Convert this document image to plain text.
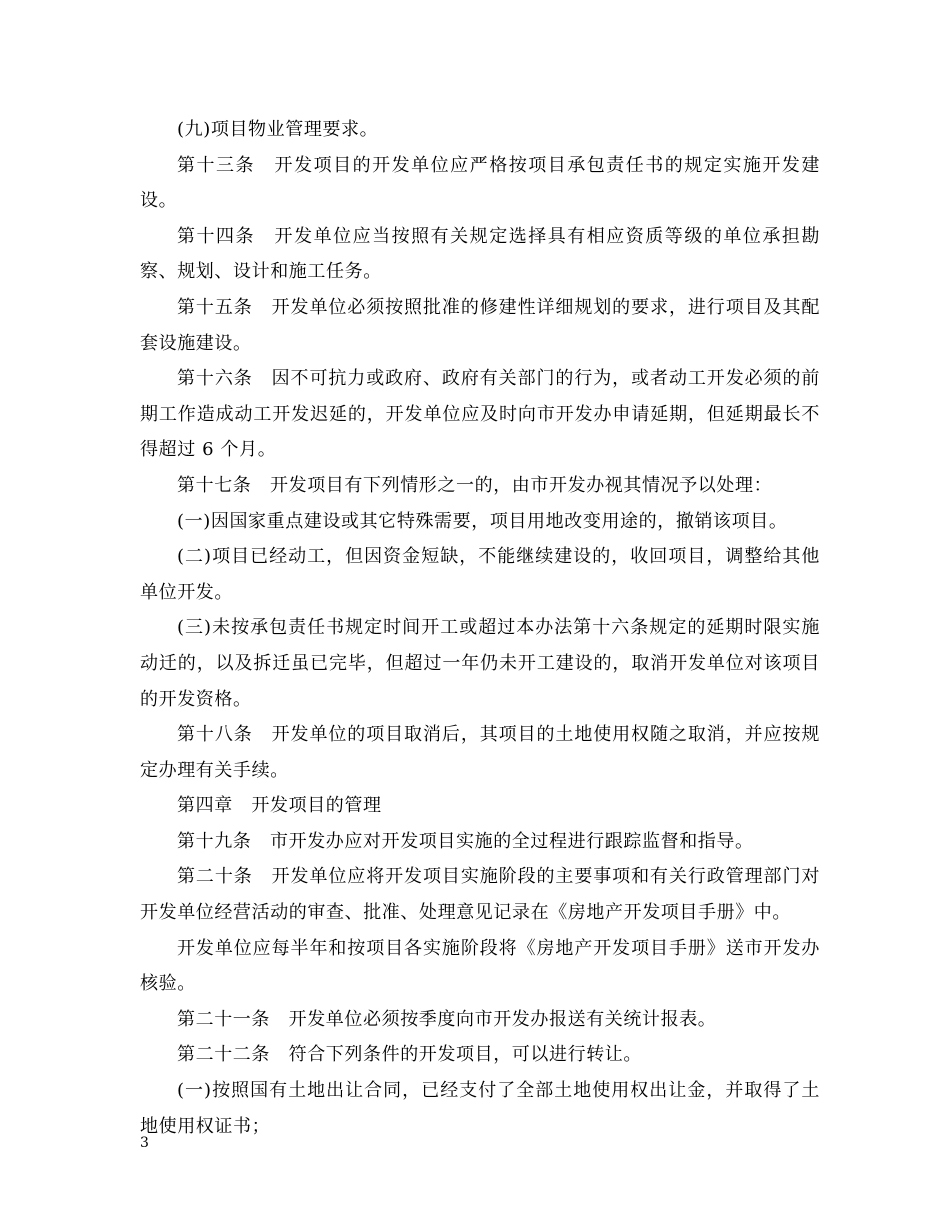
(九)项目物业管理要求。

第十三条　开发项目的开发单位应严格按项目承包责任书的规定实施开发建设。

第十四条　开发单位应当按照有关规定选择具有相应资质等级的单位承担勘察、规划、设计和施工任务。

第十五条　开发单位必须按照批准的修建性详细规划的要求，进行项目及其配套设施建设。

第十六条　因不可抗力或政府、政府有关部门的行为，或者动工开发必须的前期工作造成动工开发迟延的，开发单位应及时向市开发办申请延期，但延期最长不得超过 6 个月。

第十七条　开发项目有下列情形之一的，由市开发办视其情况予以处理：

(一)因国家重点建设或其它特殊需要，项目用地改变用途的，撤销该项目。

(二)项目已经动工，但因资金短缺，不能继续建设的，收回项目，调整给其他单位开发。

(三)未按承包责任书规定时间开工或超过本办法第十六条规定的延期时限实施动迁的，以及拆迁虽已完毕，但超过一年仍未开工建设的，取消开发单位对该项目的开发资格。

第十八条　开发单位的项目取消后，其项目的土地使用权随之取消，并应按规定办理有关手续。

第四章　开发项目的管理

第十九条　市开发办应对开发项目实施的全过程进行跟踪监督和指导。

第二十条　开发单位应将开发项目实施阶段的主要事项和有关行政管理部门对开发单位经营活动的审查、批准、处理意见记录在《房地产开发项目手册》中。

开发单位应每半年和按项目各实施阶段将《房地产开发项目手册》送市开发办核验。

第二十一条　开发单位必须按季度向市开发办报送有关统计报表。

第二十二条　符合下列条件的开发项目，可以进行转让。

(一)按照国有土地出让合同，已经支付了全部土地使用权出让金，并取得了土地使用权证书；

3
